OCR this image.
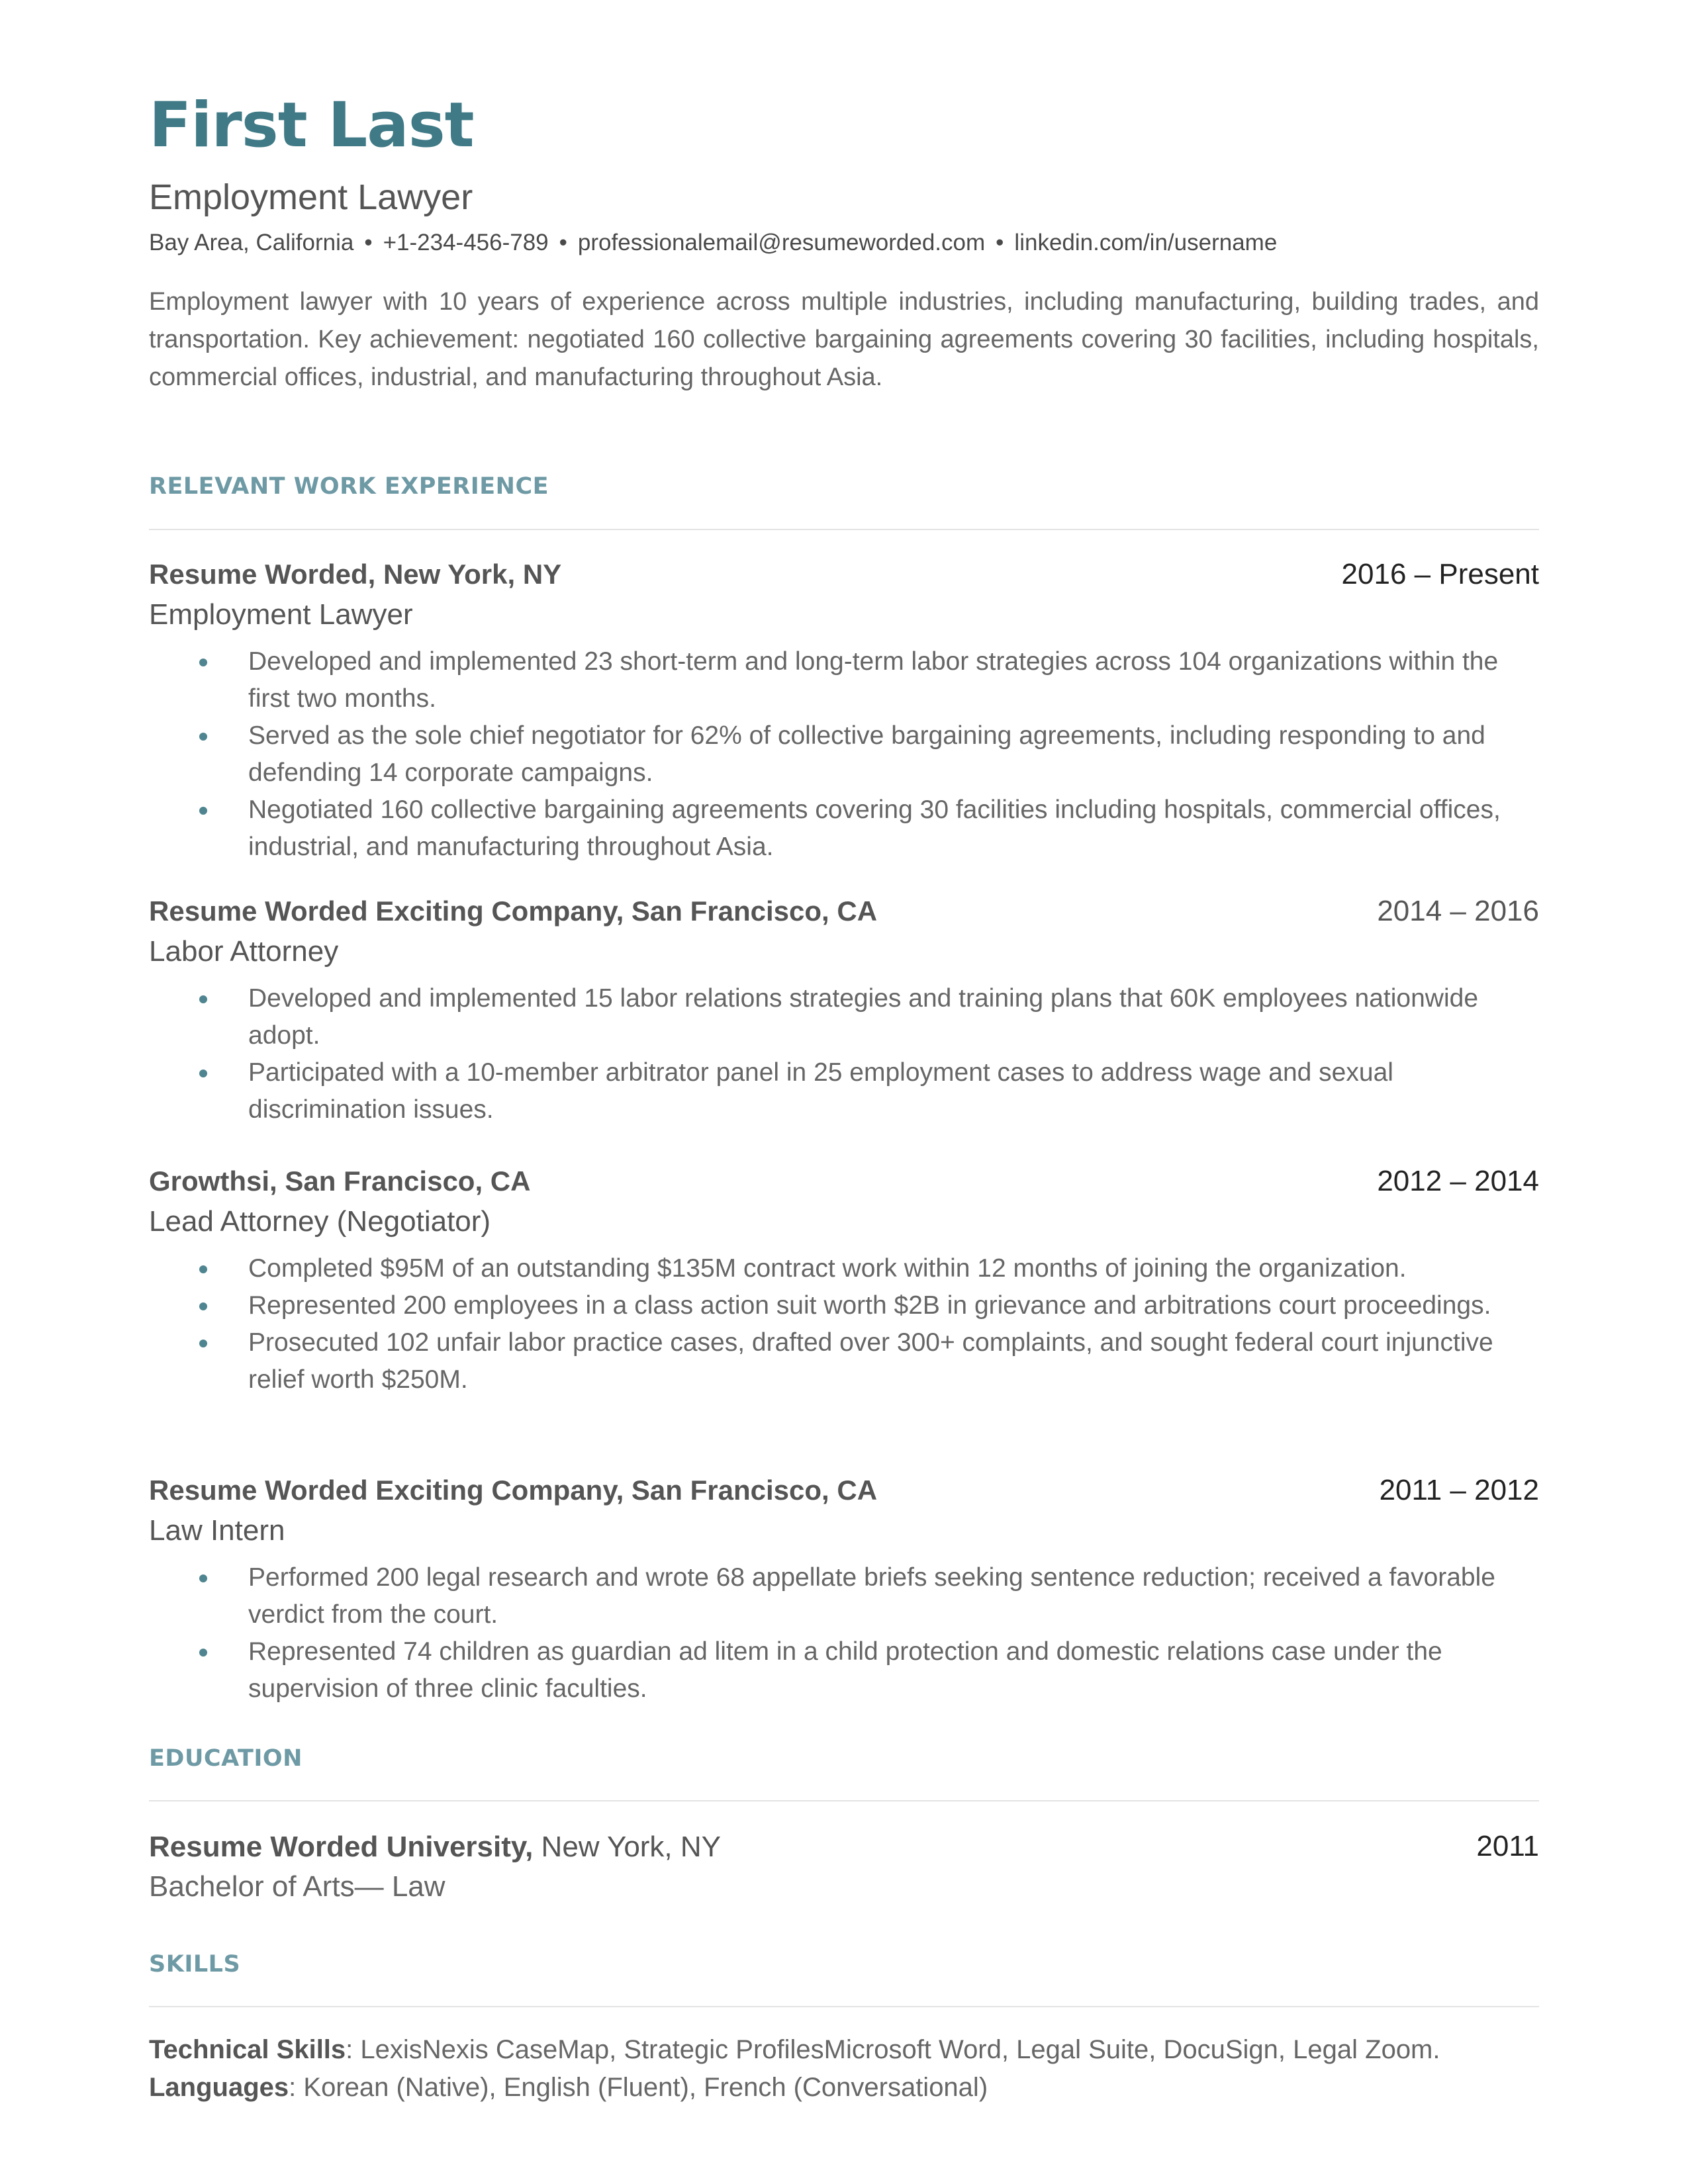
First Last
Employment Lawyer
Bay Area, California • +1-234-456-789 • professionalemail@resumeworded.com • linkedin.com/in/username
Employment lawyer with 10 years of experience across multiple industries, including manufacturing, building trades, and transportation. Key achievement: negotiated 160 collective bargaining agreements covering 30 facilities, including hospitals, commercial offices, industrial, and manufacturing throughout Asia.
RELEVANT WORK EXPERIENCE
Resume Worded, New York, NY	2016 – Present
Employment Lawyer
Developed and implemented 23 short-term and long-term labor strategies across 104 organizations within the first two months.
Served as the sole chief negotiator for 62% of collective bargaining agreements, including responding to and defending 14 corporate campaigns.
Negotiated 160 collective bargaining agreements covering 30 facilities including hospitals, commercial offices, industrial, and manufacturing throughout Asia.
Resume Worded Exciting Company, San Francisco, CA	2014 – 2016
Labor Attorney
Developed and implemented 15 labor relations strategies and training plans that 60K employees nationwide adopt.
Participated with a 10-member arbitrator panel in 25 employment cases to address wage and sexual discrimination issues.
Growthsi, San Francisco, CA	2012 – 2014
Lead Attorney (Negotiator)
Completed $95M of an outstanding $135M contract work within 12 months of joining the organization.
Represented 200 employees in a class action suit worth $2B in grievance and arbitrations court proceedings.
Prosecuted 102 unfair labor practice cases, drafted over 300+ complaints, and sought federal court injunctive relief worth $250M.
Resume Worded Exciting Company, San Francisco, CA	2011 – 2012
Law Intern
Performed 200 legal research and wrote 68 appellate briefs seeking sentence reduction; received a favorable verdict from the court.
Represented 74 children as guardian ad litem in a child protection and domestic relations case under the supervision of three clinic faculties.
EDUCATION
Resume Worded University, New York, NY	2011
Bachelor of Arts— Law
SKILLS
Technical Skills: LexisNexis CaseMap, Strategic ProfilesMicrosoft Word, Legal Suite, DocuSign, Legal Zoom.
Languages: Korean (Native), English (Fluent), French (Conversational)
